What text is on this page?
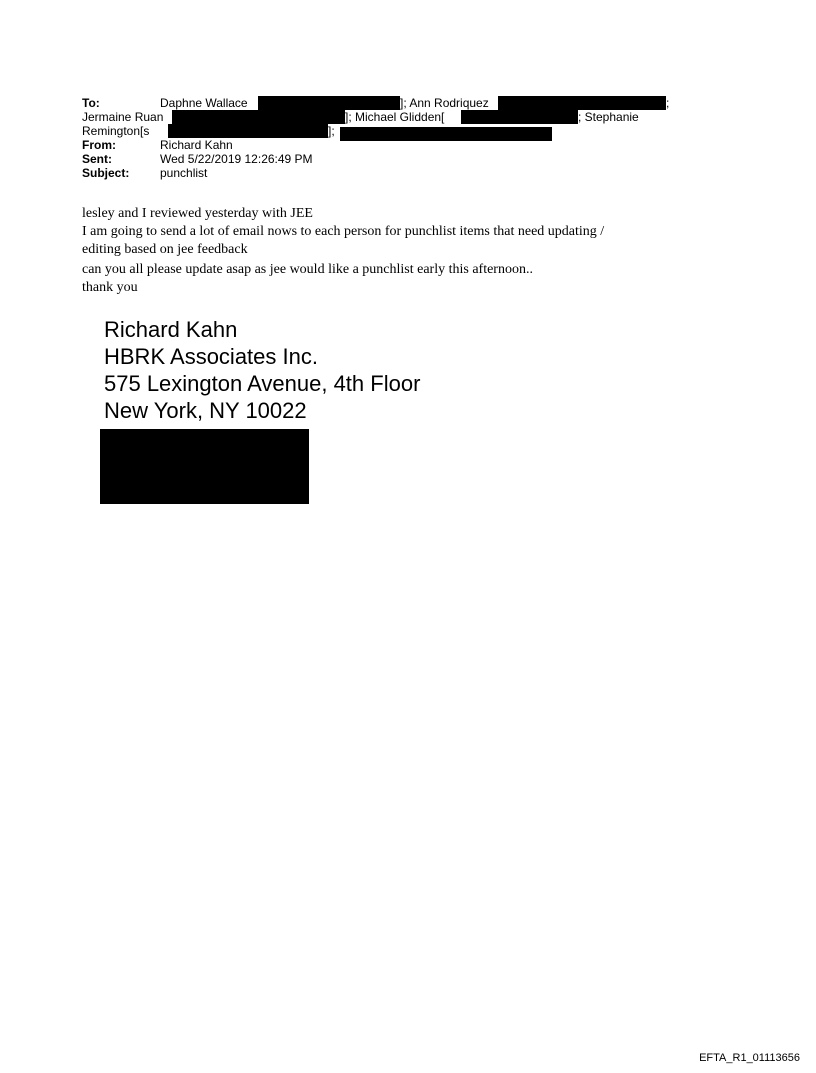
To:	Daphne Wallace	]; Ann Rodriquez	;
Jermaine Ruan	]; Michael Glidden[	; Stephanie
Remington[s	];
From:	Richard Kahn
Sent:	Wed 5/22/2019 12:26:49 PM
Subject:	punchlist
lesley and I reviewed yesterday with JEE
I am going to send a lot of email nows to each person for punchlist items that need updating /
editing based on jee feedback
can you all please update asap as jee would like a punchlist early this afternoon..
thank you
Richard Kahn
HBRK Associates Inc.
575 Lexington Avenue, 4th Floor
New York, NY 10022
EFTA_R1_01113656
